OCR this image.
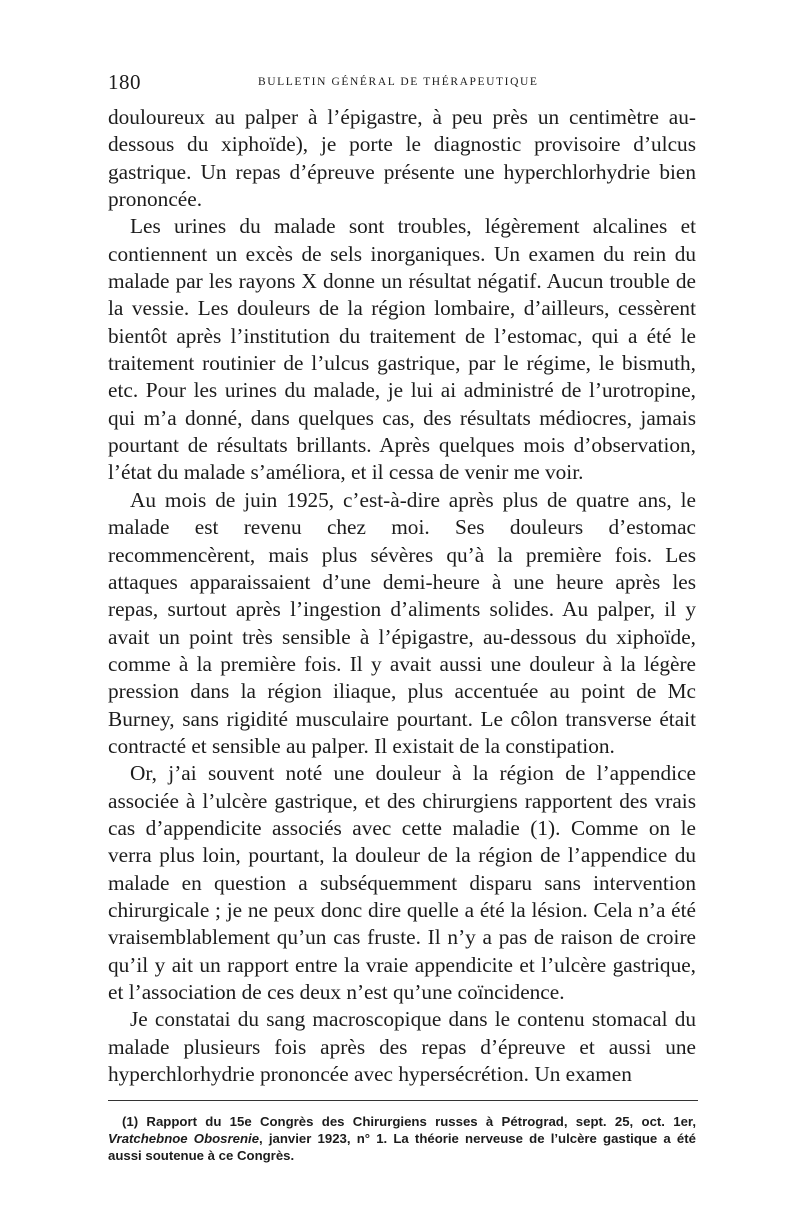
180	BULLETIN GÉNÉRAL DE THÉRAPEUTIQUE

douloureux au palper à l’épigastre, à peu près un centimètre au-dessous du xiphoïde), je porte le diagnostic provisoire d’ulcus gastrique. Un repas d’épreuve présente une hyperchlorhydrie bien prononcée.

Les urines du malade sont troubles, légèrement alcalines et contiennent un excès de sels inorganiques. Un examen du rein du malade par les rayons X donne un résultat négatif. Aucun trouble de la vessie. Les douleurs de la région lombaire, d’ailleurs, cessèrent bientôt après l’institution du traitement de l’estomac, qui a été le traitement routinier de l’ulcus gastrique, par le régime, le bismuth, etc. Pour les urines du malade, je lui ai administré de l’urotropine, qui m’a donné, dans quelques cas, des résultats médiocres, jamais pourtant de résultats brillants. Après quelques mois d’observation, l’état du malade s’améliora, et il cessa de venir me voir.

Au mois de juin 1925, c’est-à-dire après plus de quatre ans, le malade est revenu chez moi. Ses douleurs d’estomac recommencèrent, mais plus sévères qu’à la première fois. Les attaques apparaissaient d’une demi-heure à une heure après les repas, surtout après l’ingestion d’aliments solides. Au palper, il y avait un point très sensible à l’épigastre, au-dessous du xiphoïde, comme à la première fois. Il y avait aussi une douleur à la légère pression dans la région iliaque, plus accentuée au point de Mc Burney, sans rigidité musculaire pourtant. Le côlon transverse était contracté et sensible au palper. Il existait de la constipation.

Or, j’ai souvent noté une douleur à la région de l’appendice associée à l’ulcère gastrique, et des chirurgiens rapportent des vrais cas d’appendicite associés avec cette maladie (1). Comme on le verra plus loin, pourtant, la douleur de la région de l’appendice du malade en question a subséquemment disparu sans intervention chirurgicale ; je ne peux donc dire quelle a été la lésion. Cela n’a été vraisemblablement qu’un cas fruste. Il n’y a pas de raison de croire qu’il y ait un rapport entre la vraie appendicite et l’ulcère gastrique, et l’association de ces deux n’est qu’une coïncidence.

Je constatai du sang macroscopique dans le contenu stomacal du malade plusieurs fois après des repas d’épreuve et aussi une hyperchlorhydrie prononcée avec hypersécrétion. Un examen

(1) Rapport du 15e Congrès des Chirurgiens russes à Pétrograd, sept. 25, oct. 1er, Vratchebnoe Obosrenie, janvier 1923, n° 1. La théorie nerveuse de l’ulcère gastique a été aussi soutenue à ce Congrès.
